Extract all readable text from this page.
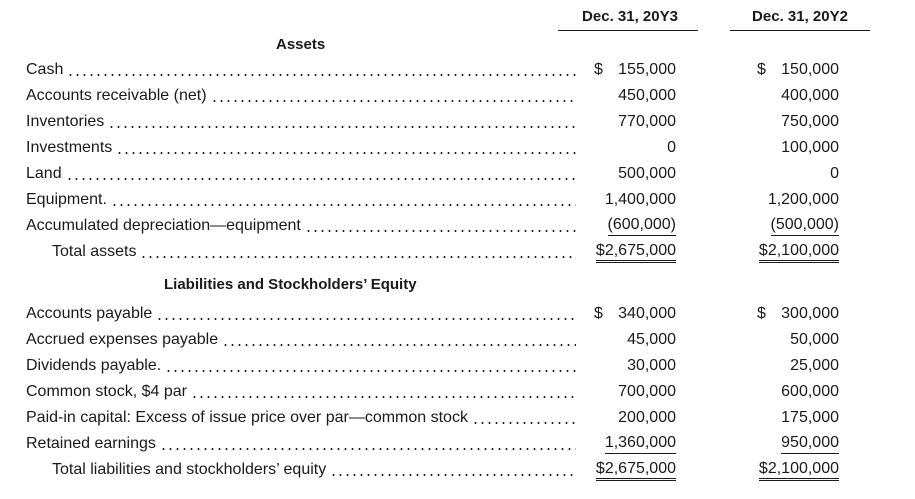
Dec. 31, 20Y3	Dec. 31, 20Y2
Assets
Liabilities and Stockholders’ Equity
Cash	$ 155,000	$ 150,000
Accounts receivable (net)	450,000	400,000
Inventories	770,000	750,000
Investments	0	100,000
Land	500,000	0
Equipment.	1,400,000	1,200,000
Accumulated depreciation—equipment	(600,000)	(500,000)
Total assets	$2,675,000	$2,100,000
Accounts payable	$ 340,000	$ 300,000
Accrued expenses payable	45,000	50,000
Dividends payable.	30,000	25,000
Common stock, $4 par	700,000	600,000
Paid-in capital: Excess of issue price over par—common stock	200,000	175,000
Retained earnings	1,360,000	950,000
Total liabilities and stockholders’ equity	$2,675,000	$2,100,000
